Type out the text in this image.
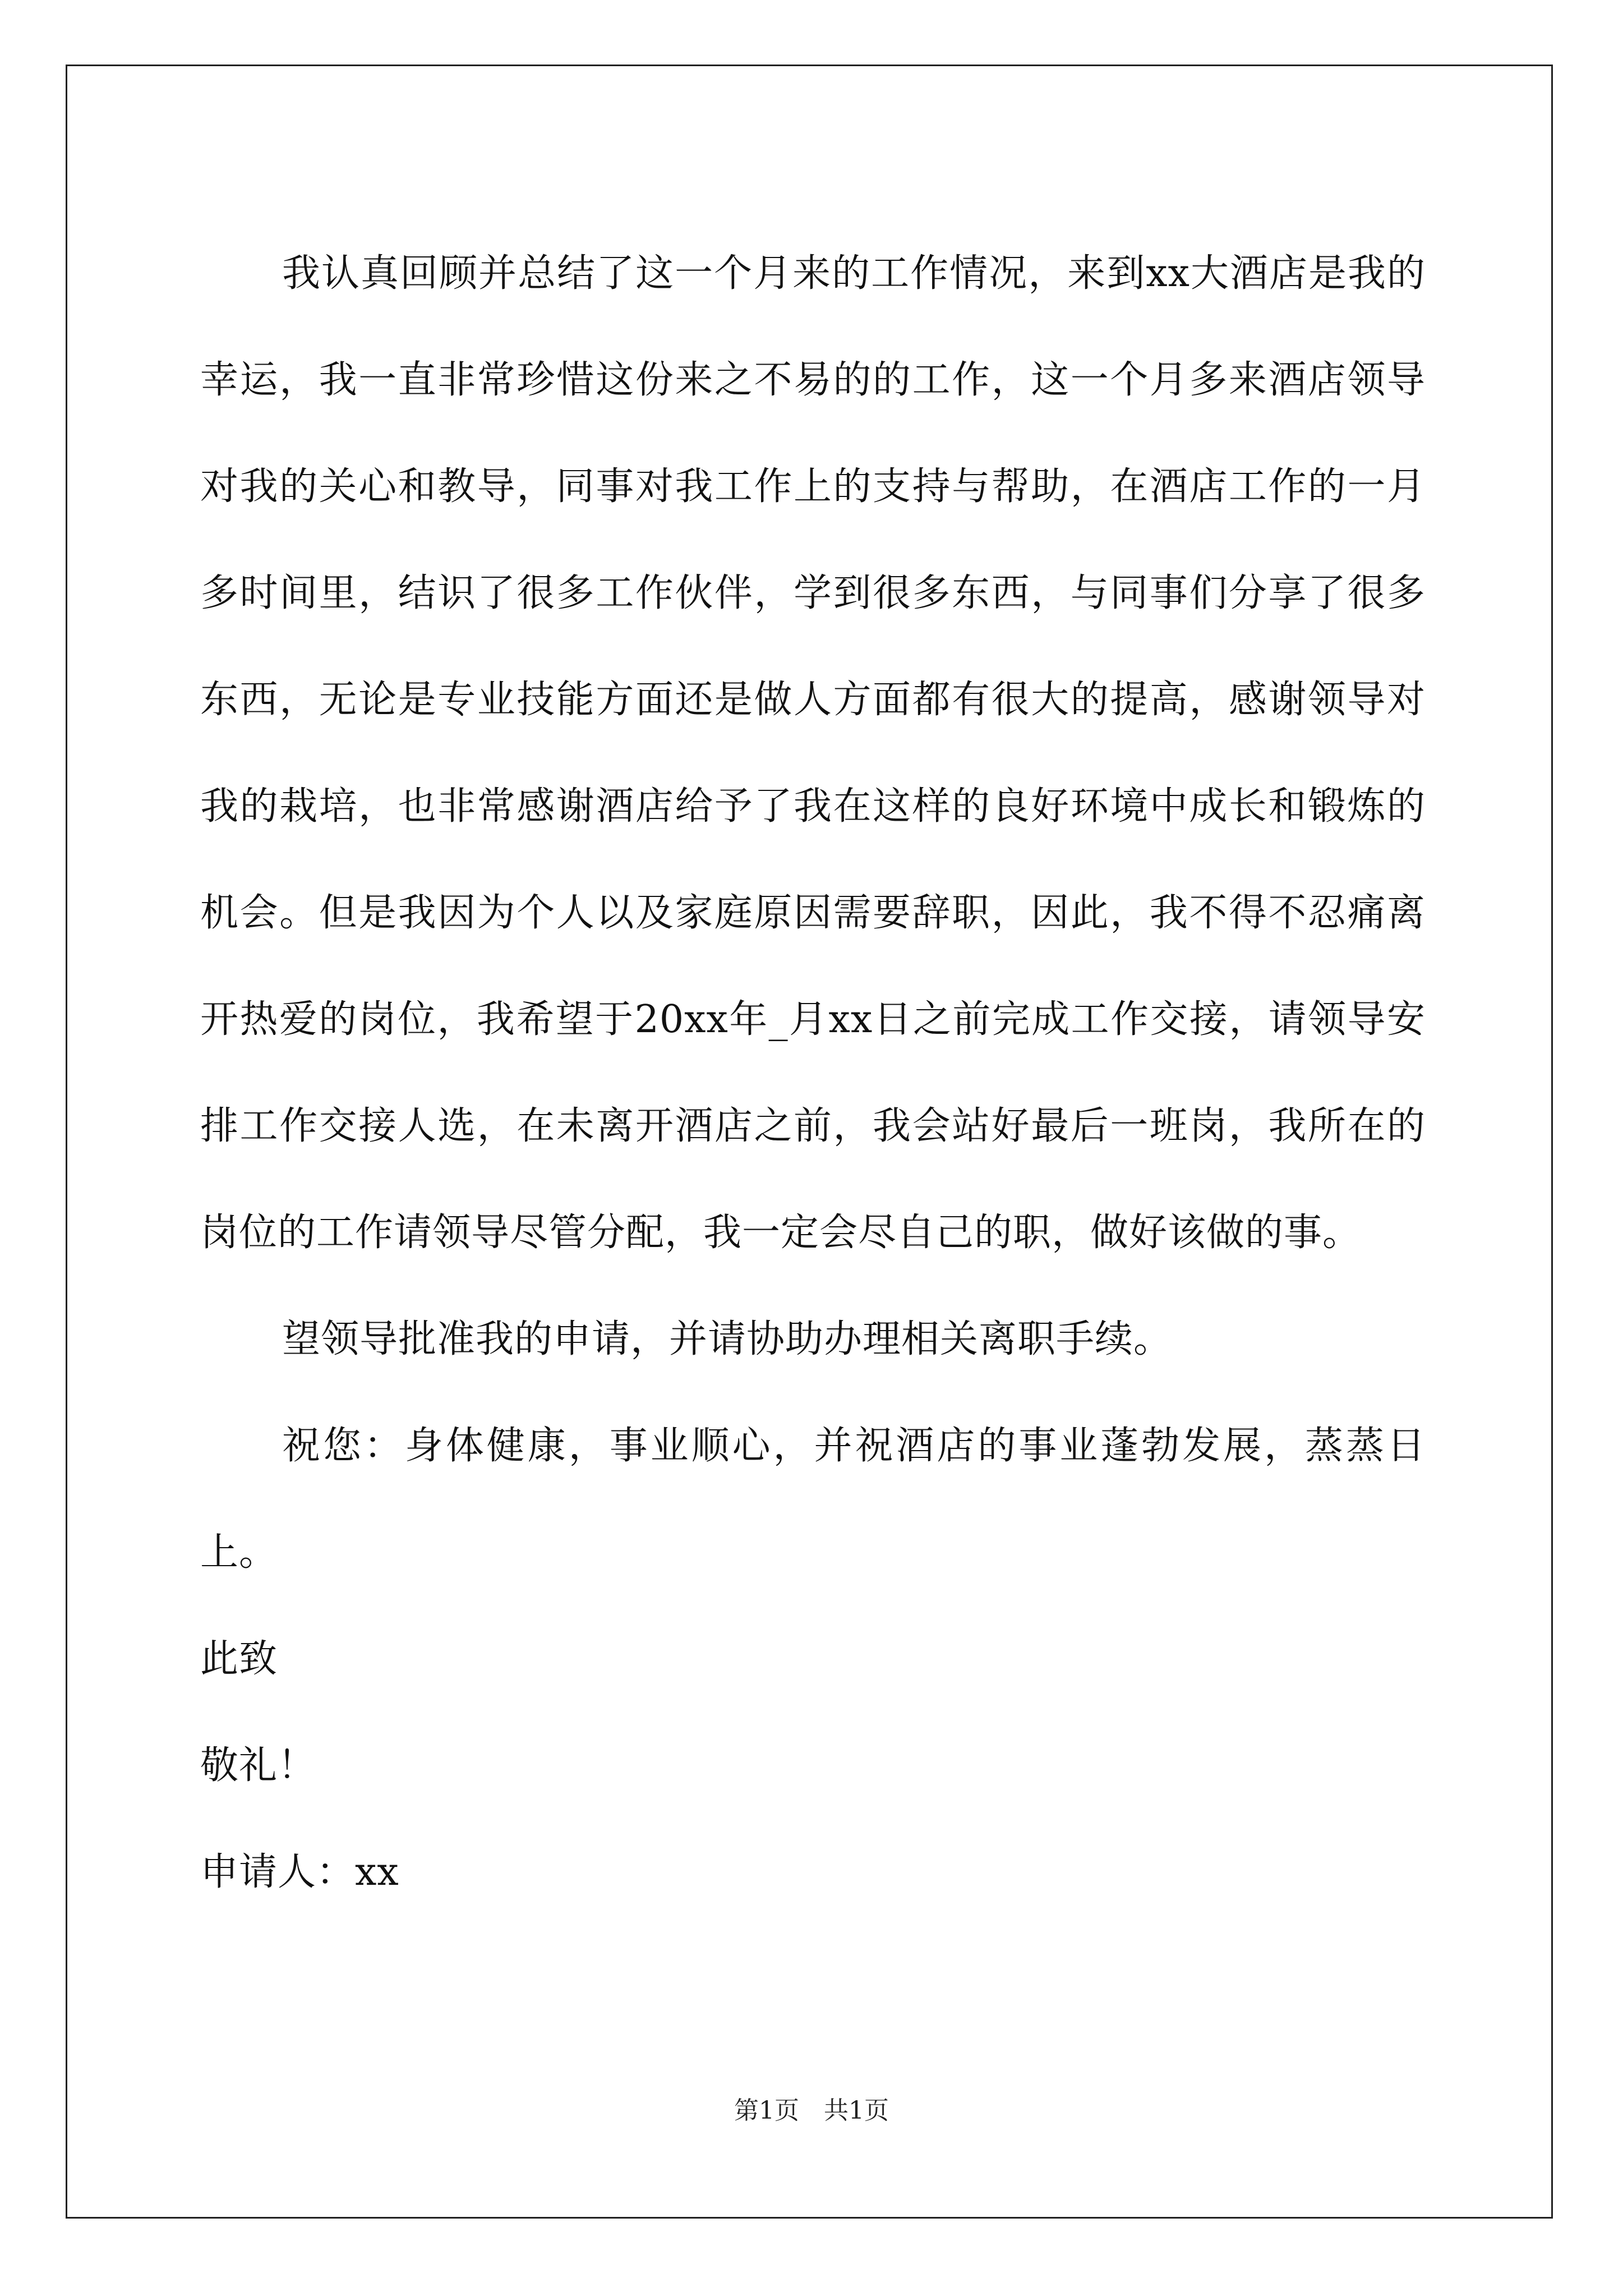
我认真回顾并总结了这一个月来的工作情况，来到xx大酒店是我的幸运，我一直非常珍惜这份来之不易的的工作，这一个月多来酒店领导对我的关心和教导，同事对我工作上的支持与帮助，在酒店工作的一月多时间里，结识了很多工作伙伴，学到很多东西，与同事们分享了很多东西，无论是专业技能方面还是做人方面都有很大的提高，感谢领导对我的栽培，也非常感谢酒店给予了我在这样的良好环境中成长和锻炼的机会。但是我因为个人以及家庭原因需要辞职，因此，我不得不忍痛离开热爱的岗位，我希望于20xx年_月xx日之前完成工作交接，请领导安排工作交接人选，在未离开酒店之前，我会站好最后一班岗，我所在的岗位的工作请领导尽管分配，我一定会尽自己的职，做好该做的事。

望领导批准我的申请，并请协助办理相关离职手续。

祝您：身体健康，事业顺心，并祝酒店的事业蓬勃发展，蒸蒸日上。

此致

敬礼！

申请人：xx

第1页　共1页
